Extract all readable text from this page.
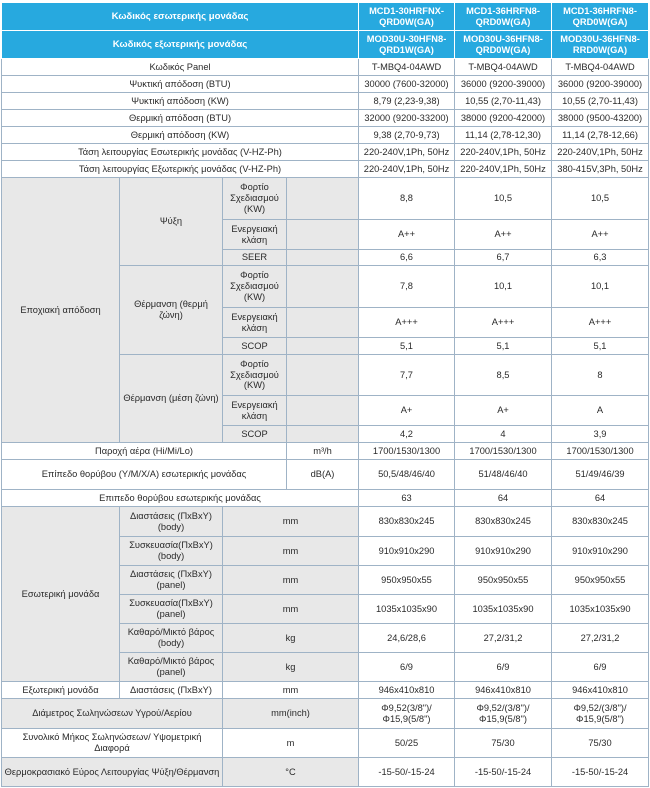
Κωδικός εσωτερικής μονάδας				MCD1-30HRFNX-QRD0W(GA)	MCD1-36HRFN8-QRD0W(GA)	MCD1-36HRFN8-QRD0W(GA)
Κωδικός εξωτερικής μονάδας				MOD30U-30HFN8-QRD1W(GA)	MOD30U-36HFN8-QRD0W(GA)	MOD30U-36HFN8-RRD0W(GA)
Κωδικός Panel				T-MBQ4-04AWD	T-MBQ4-04AWD	T-MBQ4-04AWD
Ψυκτική απόδοση (BTU)				30000 (7600-32000)	36000 (9200-39000)	36000 (9200-39000)
Ψυκτική απόδοση (KW)				8,79 (2,23-9,38)	10,55 (2,70-11,43)	10,55 (2,70-11,43)
Θερμική απόδοση (BTU)				32000 (9200-33200)	38000 (9200-42000)	38000 (9500-43200)
Θερμική απόδοση (KW)				9,38 (2,70-9,73)	11,14 (2,78-12,30)	11,14 (2,78-12,66)
Τάση λειτουργίας Εσωτερικής μονάδας (V-HZ-Ph)				220-240V,1Ph, 50Hz	220-240V,1Ph, 50Hz	220-240V,1Ph, 50Hz
Τάση λειτουργίας Εξωτερικής μονάδας (V-HZ-Ph)				220-240V,1Ph, 50Hz	220-240V,1Ph, 50Hz	380-415V,3Ph, 50Hz
Εποχιακή απόδοση	Ψύξη	Φορτίο Σχεδιασμού (KW)		8,8	10,5	10,5
		Ενεργειακή κλάση		A++	A++	A++
		SEER		6,6	6,7	6,3
	Θέρμανση (θερμή ζώνη)	Φορτίο Σχεδιασμού (KW)		7,8	10,1	10,1
		Ενεργειακή κλάση		A+++	A+++	A+++
		SCOP		5,1	5,1	5,1
	Θέρμανση (μέση ζώνη)	Φορτίο Σχεδιασμού (KW)		7,7	8,5	8
		Ενεργειακή κλάση		A+	A+	A
		SCOP		4,2	4	3,9
Παροχή αέρα (Hi/Mi/Lo)			m³/h	1700/1530/1300	1700/1530/1300	1700/1530/1300
Επίπεδο θορύβου (Υ/Μ/Χ/Α) εσωτερικής μονάδας			dB(A)	50,5/48/46/40	51/48/46/40	51/49/46/39
Επιπεδο θορύβου εσωτερικής μονάδας				63	64	64
Εσωτερική μονάδα	Διαστάσεις (ΠxΒxΥ) (body)	mm		830x830x245	830x830x245	830x830x245
	Συσκευασία(ΠxΒxΥ) (body)	mm		910x910x290	910x910x290	910x910x290
	Διαστάσεις (ΠxΒxΥ) (panel)	mm		950x950x55	950x950x55	950x950x55
	Συσκευασία(ΠxΒxΥ) (panel)	mm		1035x1035x90	1035x1035x90	1035x1035x90
	Καθαρό/Μικτό βάρος (body)	kg		24,6/28,6	27,2/31,2	27,2/31,2
	Καθαρό/Μικτό βάρος (panel)	kg		6/9	6/9	6/9
Εξωτερική μονάδα	Διαστάσεις (ΠxΒxΥ)	mm		946x410x810	946x410x810	946x410x810
Διάμετρος Σωληνώσεων Υγρού/Αερίου		mm(inch)		Φ9,52(3/8")/ Φ15,9(5/8")	Φ9,52/(3/8")/ Φ15,9(5/8")	Φ9,52/(3/8")/ Φ15,9(5/8")
Συνολικό Μήκος Σωληνώσεων/ Υψομετρική Διαφορά		m		50/25	75/30	75/30
Θερμοκρασιακό Εύρος Λειτουργίας Ψύξη/Θέρμανση		°C		-15-50/-15-24	-15-50/-15-24	-15-50/-15-24
